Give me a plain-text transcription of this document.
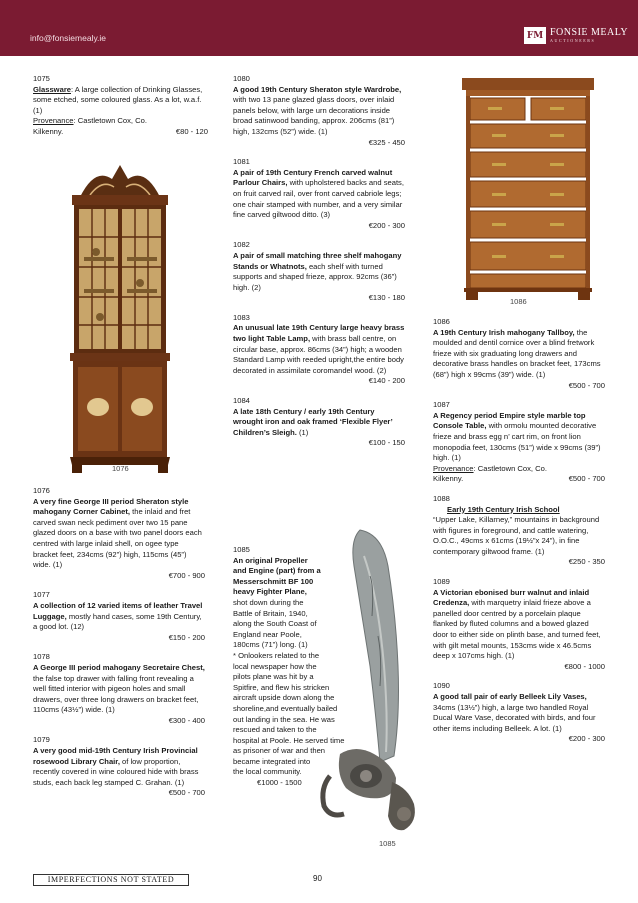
info@fonsiemealy.ie	FM FONSIE MEALY
AUCTIONEERS
1075
Glassware: A large collection of Drinking Glasses, some etched, some coloured glass. As a lot, w.a.f. (1)
Provenance: Castletown Cox, Co.
Kilkenny.	€80 - 120
1076
1076
A very fine George III period Sheraton style mahogany Corner Cabinet, the inlaid and fret carved swan neck pediment over two 15 pane glazed doors on a base with two panel doors each centred with large inlaid shell, on ogee type bracket feet, 234cms (92”) high, 115cms (45”) wide. (1)
€700 - 900
1077
A collection of 12 varied items of leather Travel Luggage, mostly hand cases, some 19th Century, a good lot. (12)
€150 - 200
1078
A George III period mahogany Secretaire Chest, the false top drawer with falling front revealing a well fitted interior with pigeon holes and small drawers, over three long drawers on bracket feet, 110cms (43½”) wide. (1)
€300 - 400
1079
A very good mid-19th Century Irish Provincial rosewood Library Chair, of low proportion, recently covered in wine coloured hide with brass studs, each back leg stamped C. Grahan. (1)
€500 - 700
1080
A good 19th Century Sheraton style Wardrobe, with two 13 pane glazed glass doors, over inlaid panels below, with large urn decorations inside broad satinwood banding, approx. 206cms (81”) high, 132cms (52”) wide. (1)
€325 - 450
1081
A pair of 19th Century French carved walnut Parlour Chairs, with upholstered backs and seats, on fruit carved rail, over front carved cabriole legs; one chair stamped with number, and a very similar fine carved giltwood ditto. (3)
€200 - 300
1082
A pair of small matching three shelf mahogany Stands or Whatnots, each shelf with turned supports and shaped frieze, approx. 92cms (36”) high. (2)
€130 - 180
1083
An unusual late 19th Century large heavy brass two light Table Lamp, with brass ball centre, on circular base, approx. 86cms (34”) high; a wooden Standard Lamp with reeded upright,the entire body decorated in assimilate coromandel wood. (2)
€140 - 200
1084
A late 18th Century / early 19th Century wrought iron and oak framed ‘Flexible Flyer’ Children’s Sleigh. (1)
€100 - 150
1085
1085
An original Propeller
and Engine (part) from a
Messerschmitt BF 100
heavy Fighter Plane,
shot down during the
Battle of Britain, 1940,
along the South Coast of
England near Poole,
180cms (71”) long. (1)
* Onlookers related to the
local newspaper how the
pilots plane was hit by a
Spitfire, and flew his stricken
aircraft upside down along the
shoreline,and eventually bailed
out landing in the sea. He was
rescued and taken to the
hospital at Poole. He served time
as prisoner of war and then
became integrated into
the local community.
€1000 - 1500
1086
1086
A 19th Century Irish mahogany Tallboy, the moulded and dentil cornice over a blind fretwork frieze with six graduating long drawers and decorative brass handles on bracket feet, 173cms (68”) high x 99cms (39”) wide. (1)
€500 - 700
1087
A Regency period Empire style marble top Console Table, with ormolu mounted decorative frieze and brass egg n’ cart rim, on front lion monopodia feet, 130cms (51”) wide x 99cms (39”) high. (1)
Provenance: Castletown Cox, Co.
Kilkenny.	€500 - 700
1088
Early 19th Century Irish School
“Upper Lake, Killarney,” mountains in background with figures in foreground, and cattle watering, O.O.C., 49cms x 61cms (19½”x 24”), in fine contemporary giltwood frame. (1)
€250 - 350
1089
A Victorian ebonised burr walnut and inlaid Credenza, with marquetry inlaid frieze above a panelled door centred by a porcelain plaque flanked by fluted columns and a bowed glazed door to either side on plinth base, and turned feet, with gilt metal mounts, 153cms wide x 46.5cms deep x 107cms high. (1)
€800 - 1000
1090
A good tall pair of early Belleek Lily Vases, 34cms (13½”) high, a large two handled Royal Ducal Ware Vase, decorated with birds, and four other items including Belleek. A lot. (1)
€200 - 300
IMPERFECTIONS NOT STATED	90
